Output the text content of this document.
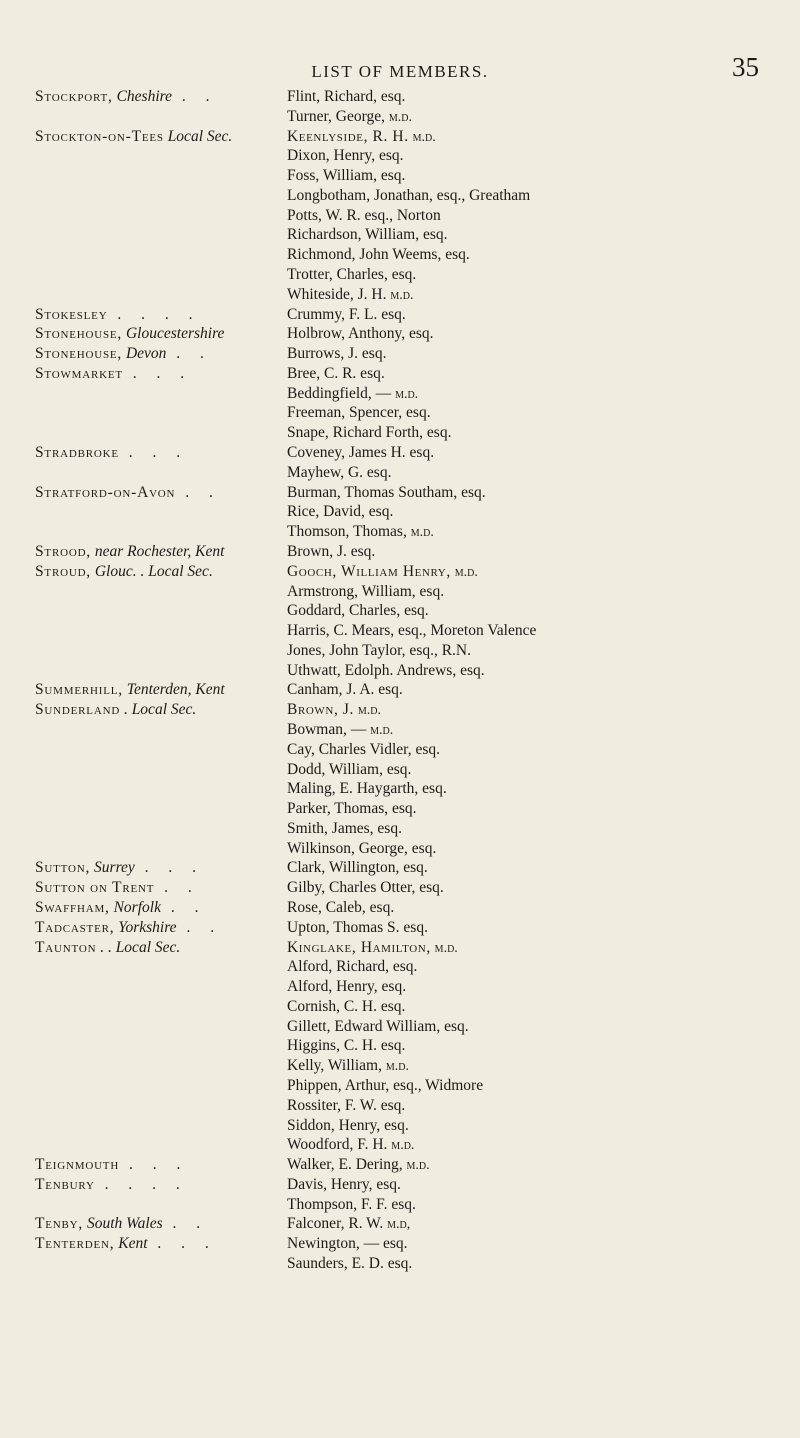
LIST OF MEMBERS.	35
Stockport, Cheshire . .	Flint, Richard, esq.
Turner, George, m.d.
Stockton-on-Tees Local Sec.	Keenlyside, R. H. m.d.
Dixon, Henry, esq.
Foss, William, esq.
Longbotham, Jonathan, esq., Greatham
Potts, W. R. esq., Norton
Richardson, William, esq.
Richmond, John Weems, esq.
Trotter, Charles, esq.
Whiteside, J. H. m.d.
Stokesley . . . .	Crummy, F. L. esq.
Stonehouse, Gloucestershire	Holbrow, Anthony, esq.
Stonehouse, Devon . .	Burrows, J. esq.
Stowmarket . . .	Bree, C. R. esq.
Beddingfield, — m.d.
Freeman, Spencer, esq.
Snape, Richard Forth, esq.
Stradbroke . . .	Coveney, James H. esq.
Mayhew, G. esq.
Stratford-on-Avon . .	Burman, Thomas Southam, esq.
Rice, David, esq.
Thomson, Thomas, m.d.
Strood, near Rochester, Kent	Brown, J. esq.
Stroud, Glouc. . Local Sec.	Gooch, William Henry, m.d.
Armstrong, William, esq.
Goddard, Charles, esq.
Harris, C. Mears, esq., Moreton Valence
Jones, John Taylor, esq., R.N.
Uthwatt, Edolph. Andrews, esq.
Summerhill, Tenterden, Kent	Canham, J. A. esq.
Sunderland . Local Sec.	Brown, J. m.d.
Bowman, — m.d.
Cay, Charles Vidler, esq.
Dodd, William, esq.
Maling, E. Haygarth, esq.
Parker, Thomas, esq.
Smith, James, esq.
Wilkinson, George, esq.
Sutton, Surrey . . .	Clark, Willington, esq.
Sutton on Trent . .	Gilby, Charles Otter, esq.
Swaffham, Norfolk . .	Rose, Caleb, esq.
Tadcaster, Yorkshire . .	Upton, Thomas S. esq.
Taunton . . Local Sec.	Kinglake, Hamilton, m.d.
Alford, Richard, esq.
Alford, Henry, esq.
Cornish, C. H. esq.
Gillett, Edward William, esq.
Higgins, C. H. esq.
Kelly, William, m.d.
Phippen, Arthur, esq., Widmore
Rossiter, F. W. esq.
Siddon, Henry, esq.
Woodford, F. H. m.d.
Teignmouth . . .	Walker, E. Dering, m.d.
Tenbury . . . .	Davis, Henry, esq.
Thompson, F. F. esq.
Tenby, South Wales . .	Falconer, R. W. m.d,
Tenterden, Kent . . .	Newington, — esq.
Saunders, E. D. esq.
